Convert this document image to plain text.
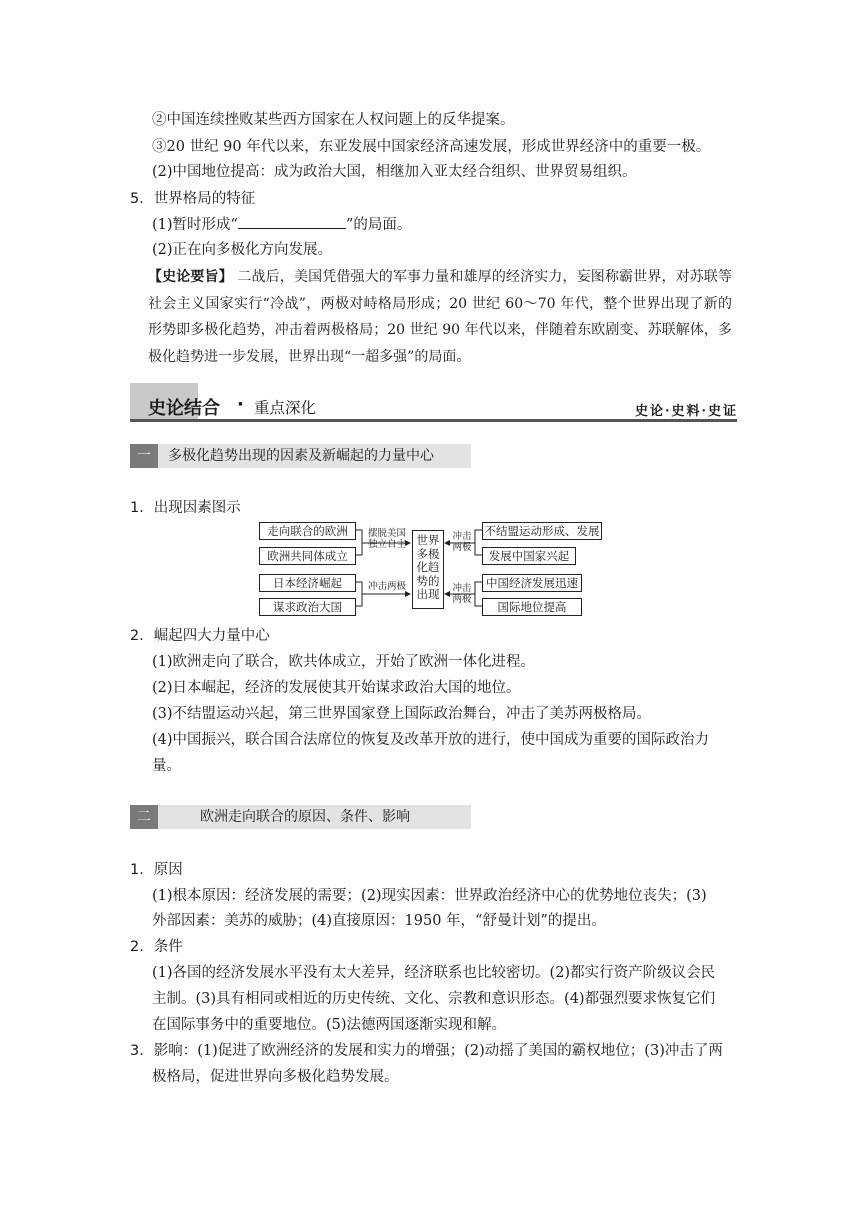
②中国连续挫败某些西方国家在人权问题上的反华提案。
③20 世纪 90 年代以来，东亚发展中国家经济高速发展，形成世界经济中的重要一极。
(2)中国地位提高：成为政治大国，相继加入亚太经合组织、世界贸易组织。
5．世界格局的特征
(1)暂时形成“	”的局面。
(2)正在向多极化方向发展。
【史论要旨】 二战后，美国凭借强大的军事力量和雄厚的经济实力，妄图称霸世界，对苏联等社会主义国家实行“冷战”，两极对峙格局形成；20 世纪 60～70 年代，整个世界出现了新的形势即多极化趋势，冲击着两极格局；20 世纪 90 年代以来，伴随着东欧剧变、苏联解体，多极化趋势进一步发展，世界出现“一超多强”的局面。
史论结合 · 重点深化	史论·史料·史证
一	多极化趋势出现的因素及新崛起的力量中心
1．出现因素图示
走向联合的欧洲
欧洲共同体成立
日本经济崛起
谋求政治大国
摆脱美国
独立自主
冲击两极
世界
多极
化趋
势的
出现
冲击
两极
冲击
两极
不结盟运动形成、发展
发展中国家兴起
中国经济发展迅速
国际地位提高
2．崛起四大力量中心
(1)欧洲走向了联合，欧共体成立，开始了欧洲一体化进程。
(2)日本崛起，经济的发展使其开始谋求政治大国的地位。
(3)不结盟运动兴起，第三世界国家登上国际政治舞台，冲击了美苏两极格局。
(4)中国振兴，联合国合法席位的恢复及改革开放的进行，使中国成为重要的国际政治力
量。
二	欧洲走向联合的原因、条件、影响
1．原因
(1)根本原因：经济发展的需要；(2)现实因素：世界政治经济中心的优势地位丧失；(3)
外部因素：美苏的威胁；(4)直接原因：1950 年，“舒曼计划”的提出。
2．条件
(1)各国的经济发展水平没有太大差异，经济联系也比较密切。(2)都实行资产阶级议会民
主制。(3)具有相同或相近的历史传统、文化、宗教和意识形态。(4)都强烈要求恢复它们
在国际事务中的重要地位。(5)法德两国逐渐实现和解。
3．影响：(1)促进了欧洲经济的发展和实力的增强；(2)动摇了美国的霸权地位；(3)冲击了两
极格局，促进世界向多极化趋势发展。
